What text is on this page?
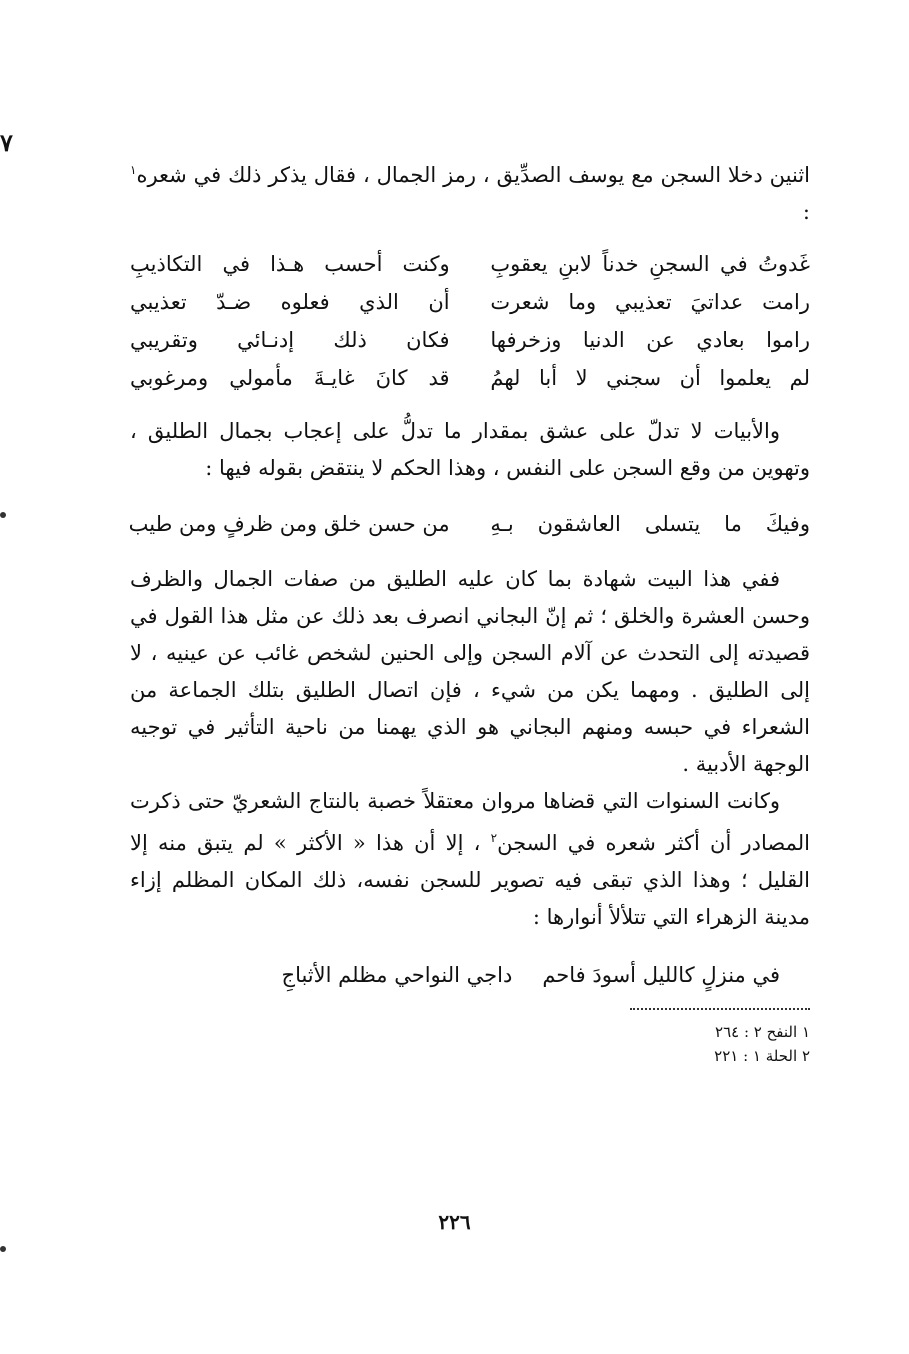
٧

اثنين دخلا السجن مع يوسف الصدِّيق ، رمز الجمال ، فقال يذكر ذلك في شعره$^١$ :

غَدوتُ في السجنِ خدناً لابنِ يعقوبِ
وكنت أحسب هـذا في التكاذيبِ
رامت عداتيَ تعذيبي وما شعرت
أن الذي فعلوه ضـدّ تعذيبي
راموا بعادي عن الدنيا وزخرفها
فكان ذلك إدنـائي وتقريبي
لم يعلموا أن سجني لا أبا لهمُ
قد كانَ غايـةَ مأمولي ومرغوبي

والأبيات لا تدلّ على عشق بمقدار ما تدلُّ على إعجاب بجمال الطليق ، وتهوين من وقع السجن على النفس ، وهذا الحكم لا ينتقض بقوله فيها :

وفيكَ ما يتسلى العاشقون بـهِ
من حسن خلق ومن ظرفٍ ومن طيب

ففي هذا البيت شهادة بما كان عليه الطليق من صفات الجمال والظرف وحسن العشرة والخلق ؛ ثم إنّ البجاني انصرف بعد ذلك عن مثل هذا القول في قصيدته إلى التحدث عن آلام السجن وإلى الحنين لشخص غائب عن عينيه ، لا إلى الطليق . ومهما يكن من شيء ، فإن اتصال الطليق بتلك الجماعة من الشعراء في حبسه ومنهم البجاني هو الذي يهمنا من ناحية التأثير في توجيه الوجهة الأدبية .

وكانت السنوات التي قضاها مروان معتقلاً خصبة بالنتاج الشعريّ حتى ذكرت المصادر أن أكثر شعره في السجن$^٢$ ، إلا أن هذا « الأكثر » لم يتبق منه إلا القليل ؛ وهذا الذي تبقى فيه تصوير للسجن نفسه، ذلك المكان المظلم إزاء مدينة الزهراء التي تتلألأ أنوارها :

في منزلٍ كالليل أسودَ فاحم
داجي النواحي مظلم الأثباجِ
١ النفح ٢ : ٢٦٤
٢ الحلة ١ : ٢٢١
٢٢٦
